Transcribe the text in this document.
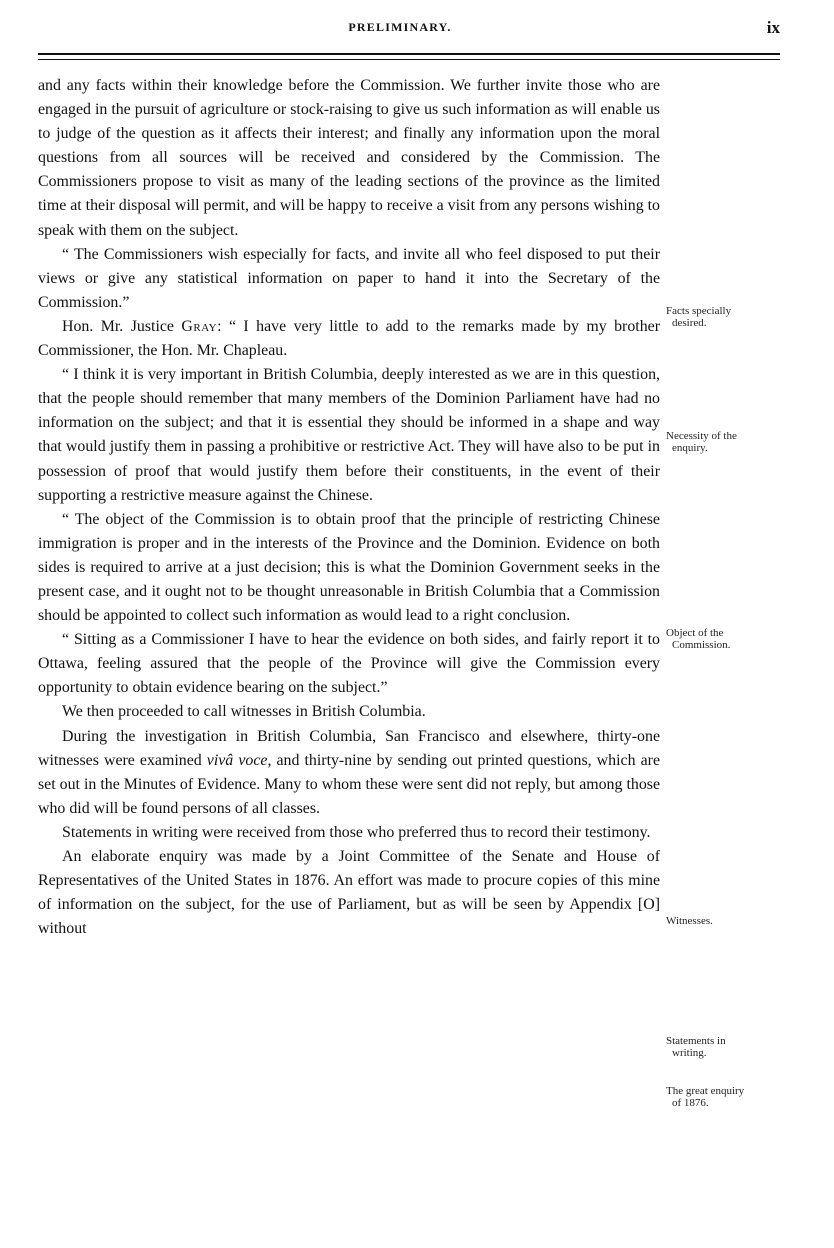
PRELIMINARY.	ix

and any facts within their knowledge before the Commission. We further invite those who are engaged in the pursuit of agriculture or stock-raising to give us such information as will enable us to judge of the question as it affects their interest; and finally any information upon the moral questions from all sources will be received and considered by the Commission. The Commissioners propose to visit as many of the leading sections of the province as the limited time at their disposal will permit, and will be happy to receive a visit from any persons wishing to speak with them on the subject.

“ The Commissioners wish especially for facts, and invite all who feel disposed to put their views or give any statistical information on paper to hand it into the Secretary of the Commission.”

Hon. Mr. Justice Gray: “ I have very little to add to the remarks made by my brother Commissioner, the Hon. Mr. Chapleau.

“ I think it is very important in British Columbia, deeply interested as we are in this question, that the people should remember that many members of the Dominion Parliament have had no information on the subject; and that it is essential they should be informed in a shape and way that would justify them in passing a prohibitive or restrictive Act. They will have also to be put in possession of proof that would justify them before their constituents, in the event of their supporting a restrictive measure against the Chinese.

“ The object of the Commission is to obtain proof that the principle of restricting Chinese immigration is proper and in the interests of the Province and the Dominion. Evidence on both sides is required to arrive at a just decision; this is what the Dominion Government seeks in the present case, and it ought not to be thought unreasonable in British Columbia that a Commission should be appointed to collect such information as would lead to a right conclusion.

“ Sitting as a Commissioner I have to hear the evidence on both sides, and fairly report it to Ottawa, feeling assured that the people of the Province will give the Commission every opportunity to obtain evidence bearing on the subject.”

We then proceeded to call witnesses in British Columbia.

During the investigation in British Columbia, San Francisco and elsewhere, thirty-one witnesses were examined vivâ voce, and thirty-nine by sending out printed questions, which are set out in the Minutes of Evidence. Many to whom these were sent did not reply, but among those who did will be found persons of all classes.

Statements in writing were received from those who preferred thus to record their testimony.

An elaborate enquiry was made by a Joint Committee of the Senate and House of Representatives of the United States in 1876. An effort was made to procure copies of this mine of information on the subject, for the use of Parliament, but as will be seen by Appendix [O] without

Facts specially
desired.
Necessity of the
enquiry.
Object of the
Commission.
Witnesses.
Statements in
writing.
The great enquiry
of 1876.
